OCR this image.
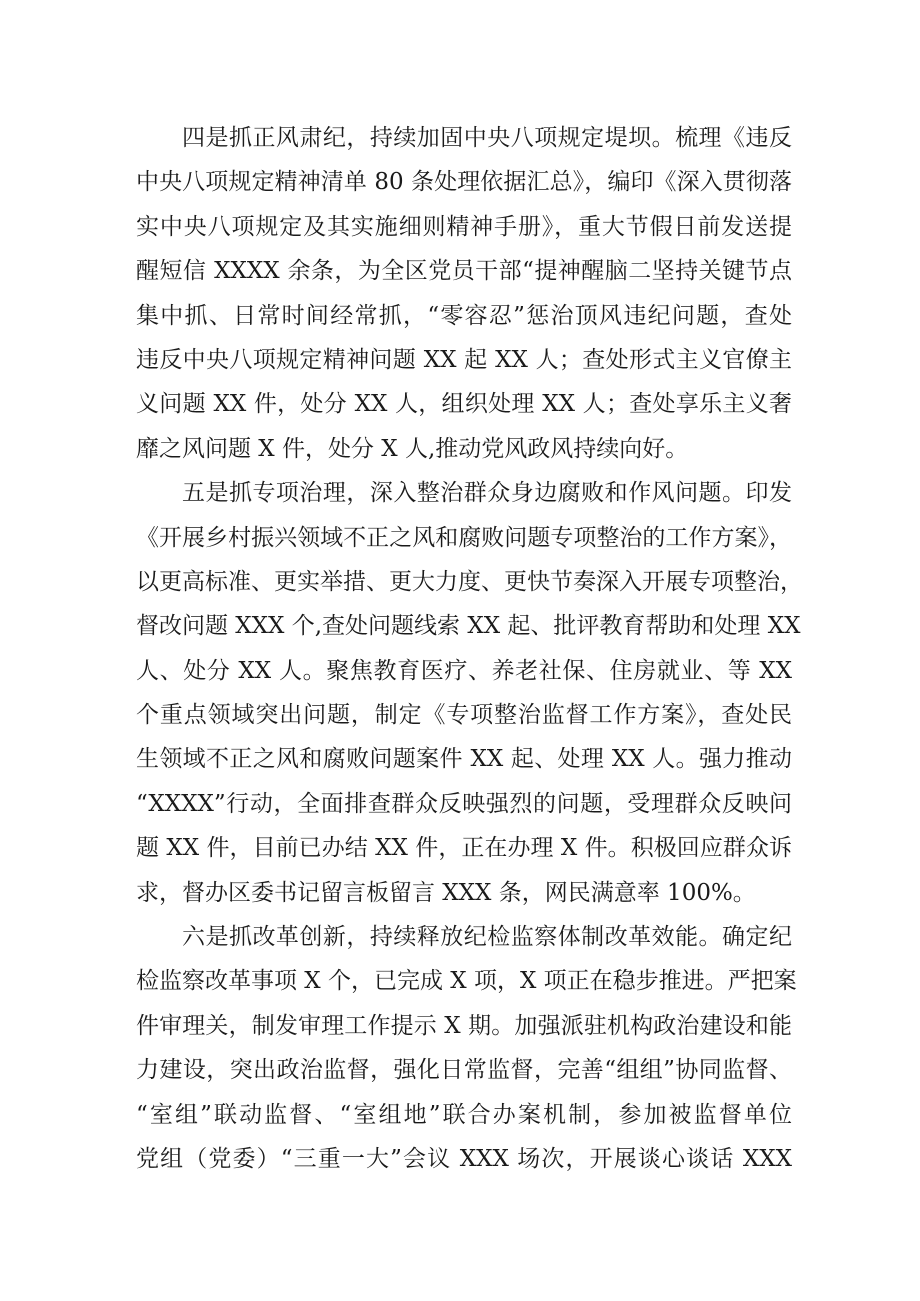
四是抓正风肃纪，持续加固中央八项规定堤坝。梳理《违反
中央八项规定精神清单 80 条处理依据汇总》，编印《深入贯彻落
实中央八项规定及其实施细则精神手册》，重大节假日前发送提
醒短信 XXXX 余条，为全区党员干部“提神醒脑二坚持关键节点
集中抓、日常时间经常抓，“零容忍”惩治顶风违纪问题，查处
违反中央八项规定精神问题 XX 起 XX 人；查处形式主义官僚主
义问题 XX 件，处分 XX 人，组织处理 XX 人；查处享乐主义奢
靡之风问题 X 件，处分 X 人,推动党风政风持续向好。
五是抓专项治理，深入整治群众身边腐败和作风问题。印发
《开展乡村振兴领域不正之风和腐败问题专项整治的工作方案》，
以更高标准、更实举措、更大力度、更快节奏深入开展专项整治，
督改问题 XXX 个,查处问题线索 XX 起、批评教育帮助和处理 XX
人、处分 XX 人。聚焦教育医疗、养老社保、住房就业、等 XX
个重点领域突出问题，制定《专项整治监督工作方案》，查处民
生领域不正之风和腐败问题案件 XX 起、处理 XX 人。强力推动
“XXXX”行动，全面排查群众反映强烈的问题，受理群众反映问
题 XX 件，目前已办结 XX 件，正在办理 X 件。积极回应群众诉
求，督办区委书记留言板留言 XXX 条，网民满意率 100%。
六是抓改革创新，持续释放纪检监察体制改革效能。确定纪
检监察改革事项 X 个，已完成 X 项，X 项正在稳步推进。严把案
件审理关，制发审理工作提示 X 期。加强派驻机构政治建设和能
力建设，突出政治监督，强化日常监督，完善“组组”协同监督、
“室组”联动监督、“室组地”联合办案机制，参加被监督单位
党组（党委）“三重一大”会议 XXX 场次，开展谈心谈话 XXX
